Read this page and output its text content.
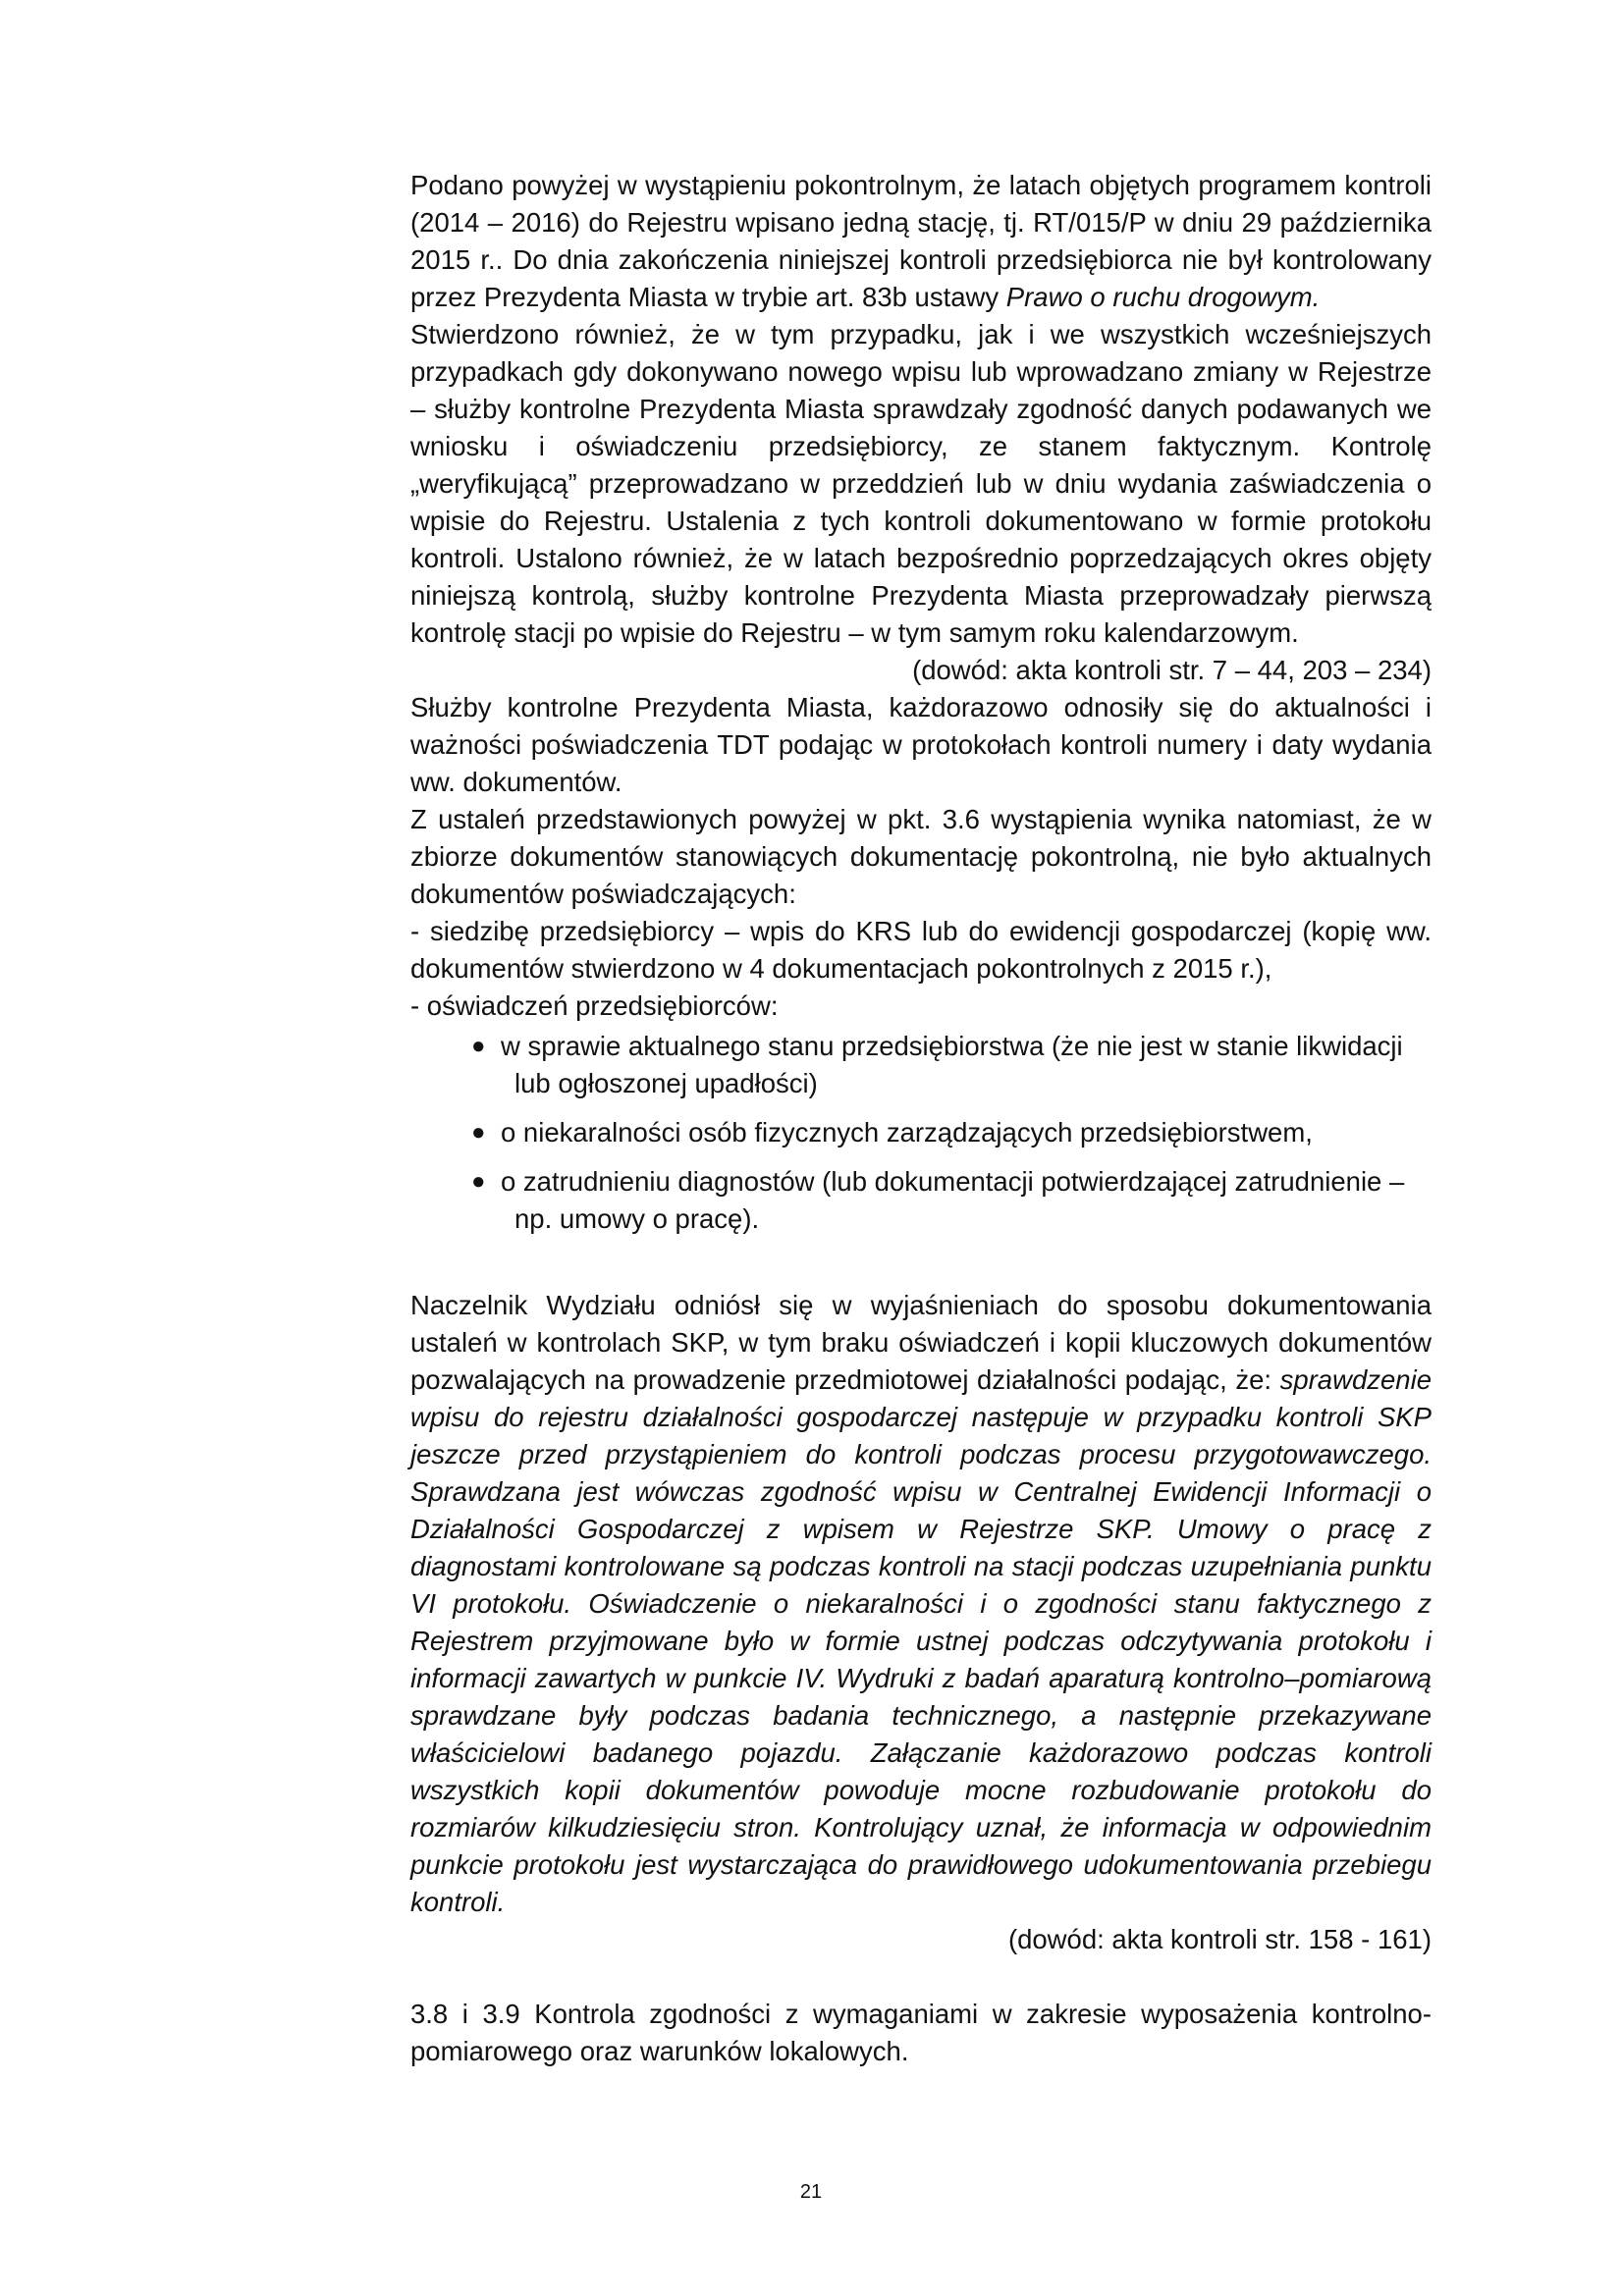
Podano powyżej w wystąpieniu pokontrolnym, że latach objętych programem kontroli (2014 – 2016) do Rejestru wpisano jedną stację, tj. RT/015/P w dniu 29 października 2015 r.. Do dnia zakończenia niniejszej kontroli przedsiębiorca nie był kontrolowany przez Prezydenta Miasta w trybie art. 83b ustawy Prawo o ruchu drogowym.

Stwierdzono również, że w tym przypadku, jak i we wszystkich wcześniejszych przypadkach gdy dokonywano nowego wpisu lub wprowadzano zmiany w Rejestrze – służby kontrolne Prezydenta Miasta sprawdzały zgodność danych podawanych we wniosku i oświadczeniu przedsiębiorcy, ze stanem faktycznym. Kontrolę „weryfikującą” przeprowadzano w przeddzień lub w dniu wydania zaświadczenia o wpisie do Rejestru. Ustalenia z tych kontroli dokumentowano w formie protokołu kontroli. Ustalono również, że w latach bezpośrednio poprzedzających okres objęty niniejszą kontrolą, służby kontrolne Prezydenta Miasta przeprowadzały pierwszą kontrolę stacji po wpisie do Rejestru – w tym samym roku kalendarzowym.

(dowód: akta kontroli str. 7 – 44, 203 – 234)

Służby kontrolne Prezydenta Miasta, każdorazowo odnosiły się do aktualności i ważności poświadczenia TDT podając w protokołach kontroli numery i daty wydania ww. dokumentów.

Z ustaleń przedstawionych powyżej w pkt. 3.6 wystąpienia wynika natomiast, że w zbiorze dokumentów stanowiących dokumentację pokontrolną, nie było aktualnych dokumentów poświadczających:

- siedzibę przedsiębiorcy – wpis do KRS lub do ewidencji gospodarczej (kopię ww. dokumentów stwierdzono w 4 dokumentacjach pokontrolnych z 2015 r.),

- oświadczeń przedsiębiorców:

● w sprawie aktualnego stanu przedsiębiorstwa (że nie jest w stanie likwidacji
lub ogłoszonej upadłości)
● o niekaralności osób fizycznych zarządzających przedsiębiorstwem,
● o zatrudnieniu diagnostów (lub dokumentacji potwierdzającej zatrudnienie –
np. umowy o pracę).

Naczelnik Wydziału odniósł się w wyjaśnieniach do sposobu dokumentowania ustaleń w kontrolach SKP, w tym braku oświadczeń i kopii kluczowych dokumentów pozwalających na prowadzenie przedmiotowej działalności podając, że: sprawdzenie wpisu do rejestru działalności gospodarczej następuje w przypadku kontroli SKP jeszcze przed przystąpieniem do kontroli podczas procesu przygotowawczego. Sprawdzana jest wówczas zgodność wpisu w Centralnej Ewidencji Informacji o Działalności Gospodarczej z wpisem w Rejestrze SKP. Umowy o pracę z diagnostami kontrolowane są podczas kontroli na stacji podczas uzupełniania punktu VI protokołu. Oświadczenie o niekaralności i o zgodności stanu faktycznego z Rejestrem przyjmowane było w formie ustnej podczas odczytywania protokołu i informacji zawartych w punkcie IV. Wydruki z badań aparaturą kontrolno–pomiarową sprawdzane były podczas badania technicznego, a następnie przekazywane właścicielowi badanego pojazdu. Załączanie każdorazowo podczas kontroli wszystkich kopii dokumentów powoduje mocne rozbudowanie protokołu do rozmiarów kilkudziesięciu stron. Kontrolujący uznał, że informacja w odpowiednim punkcie protokołu jest wystarczająca do prawidłowego udokumentowania przebiegu kontroli.

(dowód: akta kontroli str. 158 - 161)

3.8 i 3.9 Kontrola zgodności z wymaganiami w zakresie wyposażenia kontrolno-pomiarowego oraz warunków lokalowych.

21
